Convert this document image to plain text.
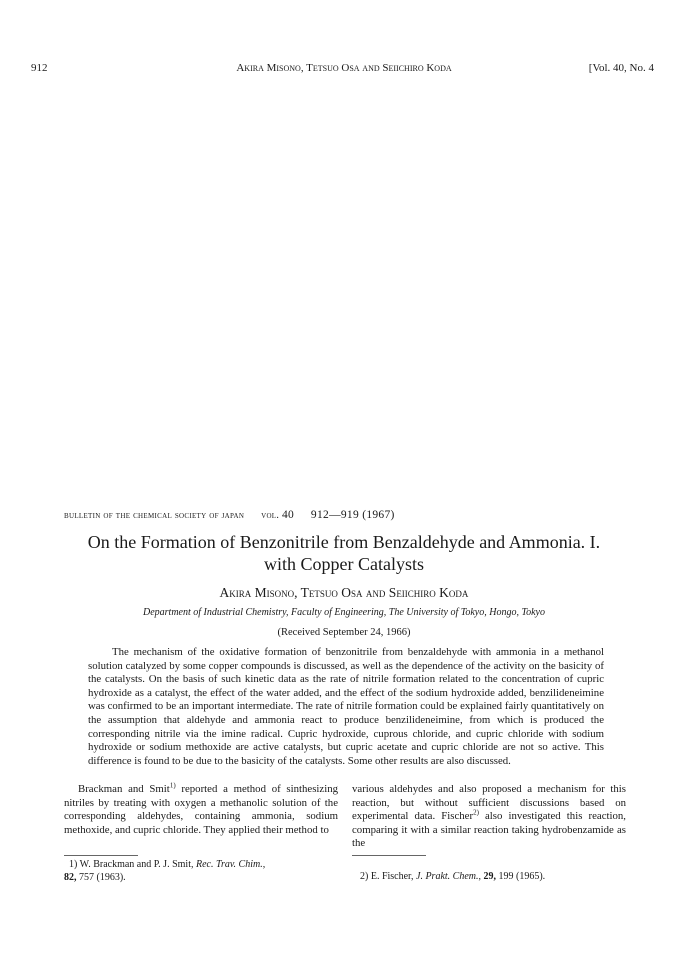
912	Akira Misono, Tetsuo Osa and Seiichiro Koda	[Vol. 40, No. 4
bulletin of the chemical society of japan vol. 40 912—919 (1967)
On the Formation of Benzonitrile from Benzaldehyde and Ammonia. I.
with Copper Catalysts
Akira Misono, Tetsuo Osa and Seiichiro Koda
Department of Industrial Chemistry, Faculty of Engineering, The University of Tokyo, Hongo, Tokyo
(Received September 24, 1966)

The mechanism of the oxidative formation of benzonitrile from benzaldehyde with ammonia in a methanol solution catalyzed by some copper compounds is discussed, as well as the dependence of the activity on the basicity of the catalysts. On the basis of such kinetic data as the rate of nitrile formation related to the concentration of cupric hydroxide as a catalyst, the effect of the water added, and the effect of the sodium hydroxide added, benzilideneimine was confirmed to be an important intermediate. The rate of nitrile formation could be explained fairly quantitatively on the assumption that aldehyde and ammonia react to produce benzilideneimine, from which is produced the corresponding nitrile via the imine radical. Cupric hydroxide, cuprous chloride, and cupric chloride with sodium hydroxide or sodium methoxide are active catalysts, but cupric acetate and cupric chloride are not so active. This difference is found to be due to the basicity of the catalysts. Some other results are also discussed.

Brackman and Smit$^{1)}$ reported a method of sinthesizing nitriles by treating with oxygen a methanolic solution of the corresponding aldehydes, containing ammonia, sodium methoxide, and cupric chloride. They applied their method to

various aldehydes and also proposed a mechanism for this reaction, but without sufficient discussions based on experimental data. Fischer$^{2)}$ also investigated this reaction, comparing it with a similar reaction taking hydrobenzamide as the

1) W. Brackman and P. J. Smit, Rec. Trav. Chim.,
82, 757 (1963).	2) E. Fischer, J. Prakt. Chem., 29, 199 (1965).
